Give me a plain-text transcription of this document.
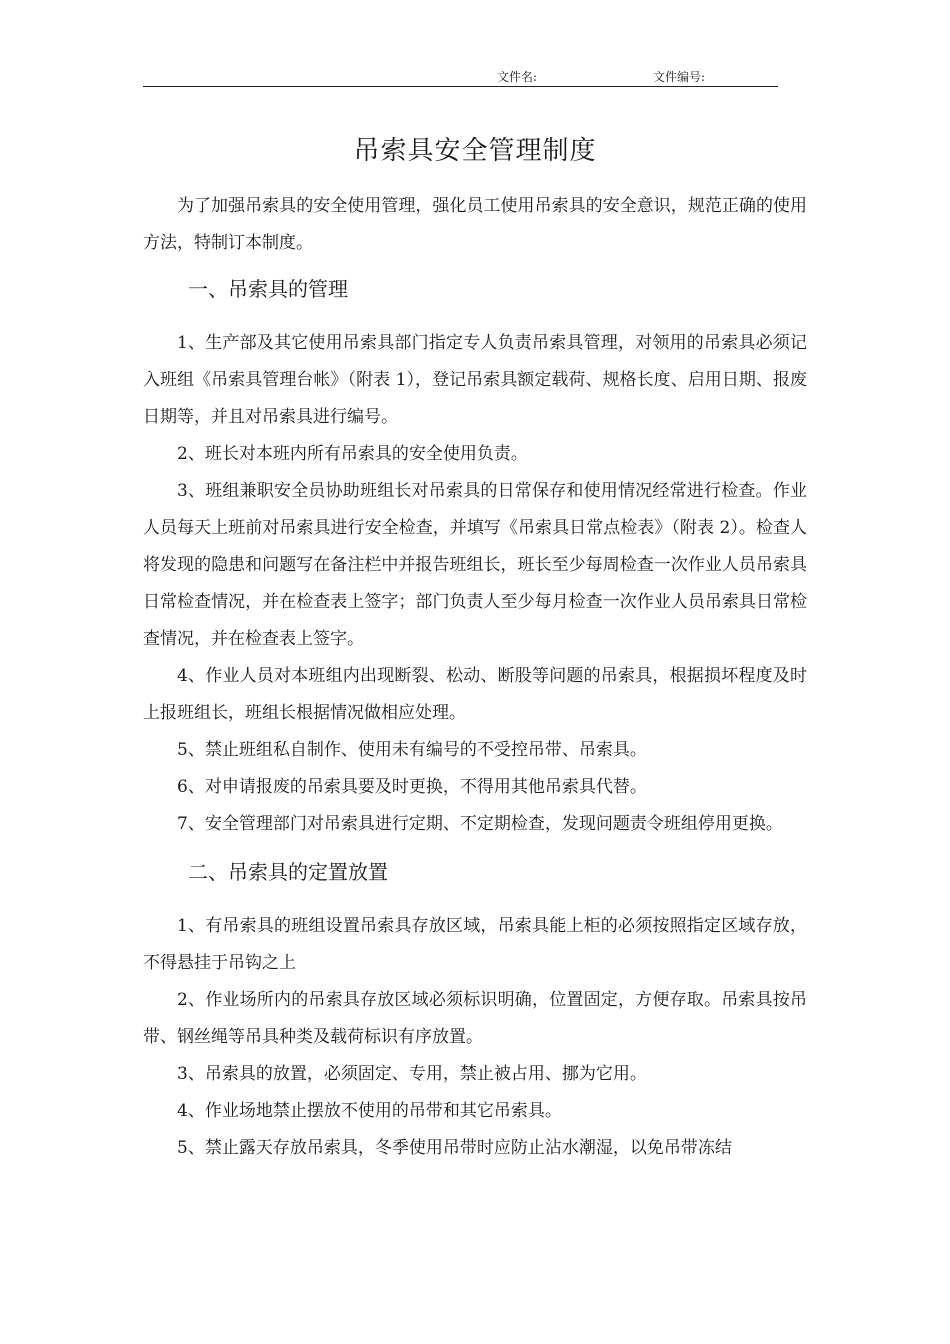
文件名:	文件编号:
吊索具安全管理制度

为了加强吊索具的安全使用管理，强化员工使用吊索具的安全意识，规范正确的使用方法，特制订本制度。

一、吊索具的管理

1、生产部及其它使用吊索具部门指定专人负责吊索具管理，对领用的吊索具必须记入班组《吊索具管理台帐》（附表 1），登记吊索具额定载荷、规格长度、启用日期、报废日期等，并且对吊索具进行编号。

2、班长对本班内所有吊索具的安全使用负责。

3、班组兼职安全员协助班组长对吊索具的日常保存和使用情况经常进行检查。作业人员每天上班前对吊索具进行安全检查，并填写《吊索具日常点检表》（附表 2）。检查人将发现的隐患和问题写在备注栏中并报告班组长，班长至少每周检查一次作业人员吊索具日常检查情况，并在检查表上签字；部门负责人至少每月检查一次作业人员吊索具日常检查情况，并在检查表上签字。

4、作业人员对本班组内出现断裂、松动、断股等问题的吊索具，根据损坏程度及时上报班组长，班组长根据情况做相应处理。

5、禁止班组私自制作、使用未有编号的不受控吊带、吊索具。

6、对申请报废的吊索具要及时更换，不得用其他吊索具代替。

7、安全管理部门对吊索具进行定期、不定期检查，发现问题责令班组停用更换。

二、吊索具的定置放置

1、有吊索具的班组设置吊索具存放区域，吊索具能上柜的必须按照指定区域存放，不得悬挂于吊钩之上

2、作业场所内的吊索具存放区域必须标识明确，位置固定，方便存取。吊索具按吊带、钢丝绳等吊具种类及载荷标识有序放置。

3、吊索具的放置，必须固定、专用，禁止被占用、挪为它用。

4、作业场地禁止摆放不使用的吊带和其它吊索具。

5、禁止露天存放吊索具，冬季使用吊带时应防止沾水潮湿，以免吊带冻结
